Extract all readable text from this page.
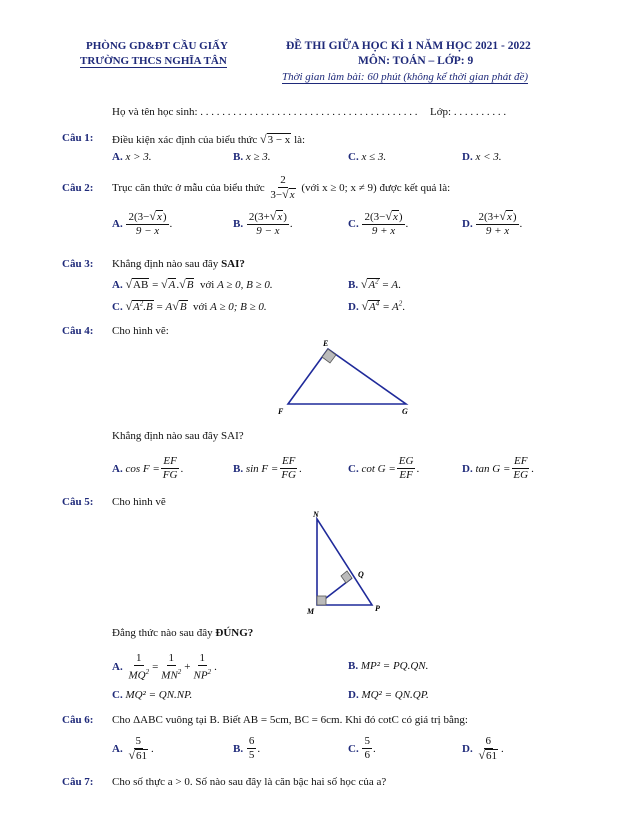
PHÒNG GD&ĐT CẦU GIẤY
TRƯỜNG THCS NGHĨA TÂN
ĐỀ THI GIỮA HỌC KÌ 1 NĂM HỌC 2021 - 2022
MÔN: TOÁN – LỚP: 9
Thời gian làm bài: 60 phút (không kể thời gian phát đề)
Họ và tên học sinh: . . . . . . . . . . . . . . . . . . . . . . . . . . . . . . . . . . . . . . . . Lớp: . . . . . . . . . .
Câu 1: Điều kiện xác định của biểu thức √3 − x là:
A. x > 3.	B. x ≥ 3.	C. x ≤ 3.	D. x < 3.
Câu 2: Trục căn thức ở mẫu của biểu thức
$\frac{2}{3-√x}$
(với x ≥ 0; x ≠ 9) được kết quả là:
A.
$\frac{2(3-√x)}{9 - x}$ .	B.
$\frac{2(3+√x)}{9 - x}$ .	C.
$\frac{2(3-√x)}{9 + x}$ .	D.
$\frac{2(3+√x)}{9 + x}$ .
Câu 3: Khẳng định nào sau đây SAI?
A. √AB = √A.√B với A ≥ 0, B ≥ 0.	B. $√A^2 = A$.
C. $√A^2.B = A√B$ với A ≥ 0; B ≥ 0.	D. $√A^4 = A^2$.
Câu 4: Cho hình vẽ:
E
F	G
Khẳng định nào sau đây SAI?
A.
$\cos F = \frac{EF}{FG}$ .	B.
$\sin F = \frac{EF}{FG}$ .	C.
$\cot G = \frac{EG}{EF}$ .	D.
$\tan G = \frac{EF}{EG}$ .
Câu 5: Cho hình vẽ
N
Q
M	P
Đẳng thức nào sau đây ĐÚNG?
A.
$\frac{1}{MQ^2} = \frac{1}{MN^2} + \frac{1}{NP^2}$ .	B. MP² = PQ.QN.
C. MQ² = QN.NP.	D. MQ² = QN.QP.
Câu 6: Cho ΔABC vuông tại B. Biết AB = 5cm, BC = 6cm. Khi đó cotC có giá trị bằng:
A.
$\frac{5}{√61}$ .	B.
$\frac{6}{5}$ .	C.
$\frac{5}{6}$ .	D.
$\frac{6}{√61}$ .
Câu 7: Cho số thực a > 0. Số nào sau đây là căn bậc hai số học của a?
